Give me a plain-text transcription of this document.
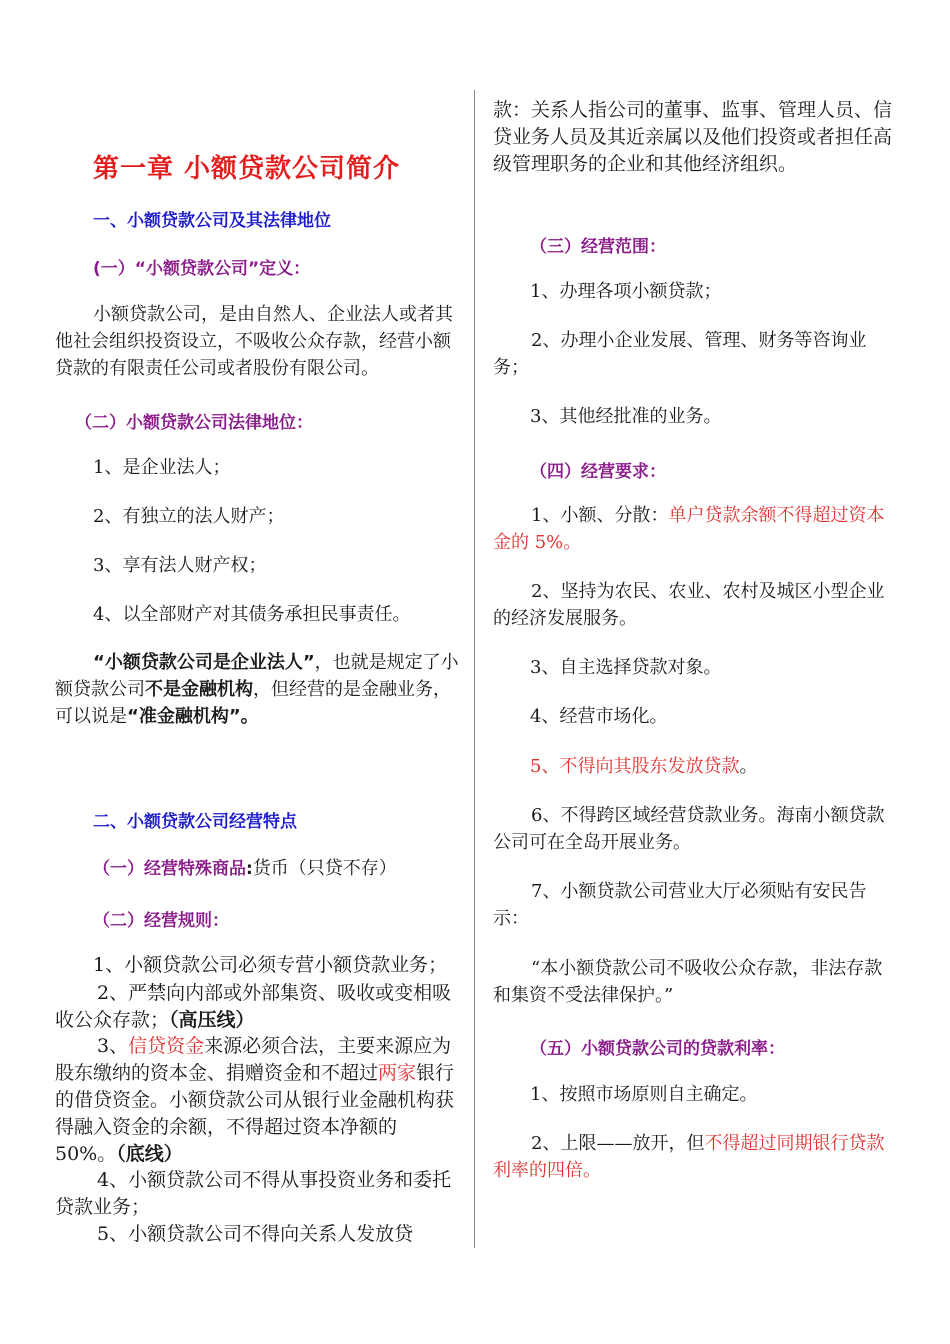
第一章 小额贷款公司简介
一、小额贷款公司及其法律地位
(一）“小额贷款公司”定义：

小额贷款公司，是由自然人、企业法人或者其他社会组织投资设立，不吸收公众存款，经营小额贷款的有限责任公司或者股份有限公司。

（二）小额贷款公司法律地位：

1、是企业法人；

2、有独立的法人财产；

3、享有法人财产权；

4、以全部财产对其债务承担民事责任。

“小额贷款公司是企业法人”，也就是规定了小额贷款公司不是金融机构，但经营的是金融业务，可以说是“准金融机构”。

二、小额贷款公司经营特点

（一）经营特殊商品:货币（只贷不存）

（二）经营规则：

1、小额贷款公司必须专营小额贷款业务；

2、严禁向内部或外部集资、吸收或变相吸收公众存款；（高压线）

3、信贷资金来源必须合法，主要来源应为股东缴纳的资本金、捐赠资金和不超过两家银行的借贷资金。小额贷款公司从银行业金融机构获得融入资金的余额，不得超过资本净额的 50%。（底线）

4、小额贷款公司不得从事投资业务和委托贷款业务；

5、小额贷款公司不得向关系人发放贷

款：关系人指公司的董事、监事、管理人员、信贷业务人员及其近亲属以及他们投资或者担任高级管理职务的企业和其他经济组织。

（三）经营范围：

1、办理各项小额贷款；

2、办理小企业发展、管理、财务等咨询业务；

3、其他经批准的业务。

（四）经营要求：

1、小额、分散：单户贷款余额不得超过资本金的 5%。

2、坚持为农民、农业、农村及城区小型企业的经济发展服务。

3、自主选择贷款对象。

4、经营市场化。

5、不得向其股东发放贷款。

6、不得跨区域经营贷款业务。海南小额贷款公司可在全岛开展业务。

7、小额贷款公司营业大厅必须贴有安民告示：

“本小额贷款公司不吸收公众存款，非法存款和集资不受法律保护。”

（五）小额贷款公司的贷款利率：

1、按照市场原则自主确定。

2、上限——放开，但不得超过同期银行贷款利率的四倍。
